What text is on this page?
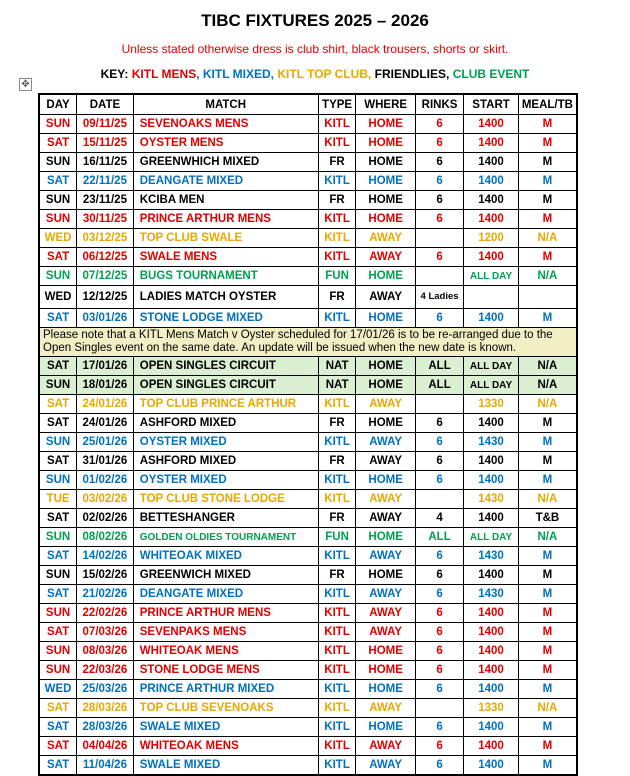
TIBC FIXTURES 2025 – 2026
Unless stated otherwise dress is club shirt, black trousers, shorts or skirt.
KEY: KITL MENS, KITL MIXED, KITL TOP CLUB, FRIENDLIES, CLUB EVENT
✥
DAY	DATE	MATCH	TYPE	WHERE	RINKS	START	MEAL/TB
SUN	09/11/25	SEVENOAKS MENS	KITL	HOME	6	1400	M
SAT	15/11/25	OYSTER MENS	KITL	HOME	6	1400	M
SUN	16/11/25	GREENWHICH MIXED	FR	HOME	6	1400	M
SAT	22/11/25	DEANGATE MIXED	KITL	HOME	6	1400	M
SUN	23/11/25	KCIBA MEN	FR	HOME	6	1400	M
SUN	30/11/25	PRINCE ARTHUR MENS	KITL	HOME	6	1400	M
WED	03/12/25	TOP CLUB SWALE	KITL	AWAY		1200	N/A
SAT	06/12/25	SWALE MENS	KITL	AWAY	6	1400	M
SUN	07/12/25	BUGS TOURNAMENT	FUN	HOME		ALL DAY	N/A
WED	12/12/25	LADIES MATCH OYSTER	FR	AWAY	4 Ladies		
SAT	03/01/26	STONE LODGE MIXED	KITL	HOME	6	1400	M
Please note that a KITL Mens Match v Oyster scheduled for 17/01/26 is to be re-arranged due to the Open Singles event on the same date. An update will be issued when the new date is known.							
SAT	17/01/26	OPEN SINGLES CIRCUIT	NAT	HOME	ALL	ALL DAY	N/A
SUN	18/01/26	OPEN SINGLES CIRCUIT	NAT	HOME	ALL	ALL DAY	N/A
SAT	24/01/26	TOP CLUB PRINCE ARTHUR	KITL	AWAY		1330	N/A
SAT	24/01/26	ASHFORD MIXED	FR	HOME	6	1400	M
SUN	25/01/26	OYSTER MIXED	KITL	AWAY	6	1430	M
SAT	31/01/26	ASHFORD MIXED	FR	AWAY	6	1400	M
SUN	01/02/26	OYSTER MIXED	KITL	HOME	6	1400	M
TUE	03/02/26	TOP CLUB STONE LODGE	KITL	AWAY		1430	N/A
SAT	02/02/26	BETTESHANGER	FR	AWAY	4	1400	T&B
SUN	08/02/26	GOLDEN OLDIES TOURNAMENT	FUN	HOME	ALL	ALL DAY	N/A
SAT	14/02/26	WHITEOAK MIXED	KITL	AWAY	6	1430	M
SUN	15/02/26	GREENWICH MIXED	FR	HOME	6	1400	M
SAT	21/02/26	DEANGATE MIXED	KITL	AWAY	6	1430	M
SUN	22/02/26	PRINCE ARTHUR MENS	KITL	AWAY	6	1400	M
SAT	07/03/26	SEVENPAKS MENS	KITL	AWAY	6	1400	M
SUN	08/03/26	WHITEOAK MENS	KITL	HOME	6	1400	M
SUN	22/03/26	STONE LODGE MENS	KITL	HOME	6	1400	M
WED	25/03/26	PRINCE ARTHUR MIXED	KITL	HOME	6	1400	M
SAT	28/03/26	TOP CLUB SEVENOAKS	KITL	AWAY		1330	N/A
SAT	28/03/26	SWALE MIXED	KITL	HOME	6	1400	M
SAT	04/04/26	WHITEOAK MENS	KITL	AWAY	6	1400	M
SAT	11/04/26	SWALE MIXED	KITL	AWAY	6	1400	M
